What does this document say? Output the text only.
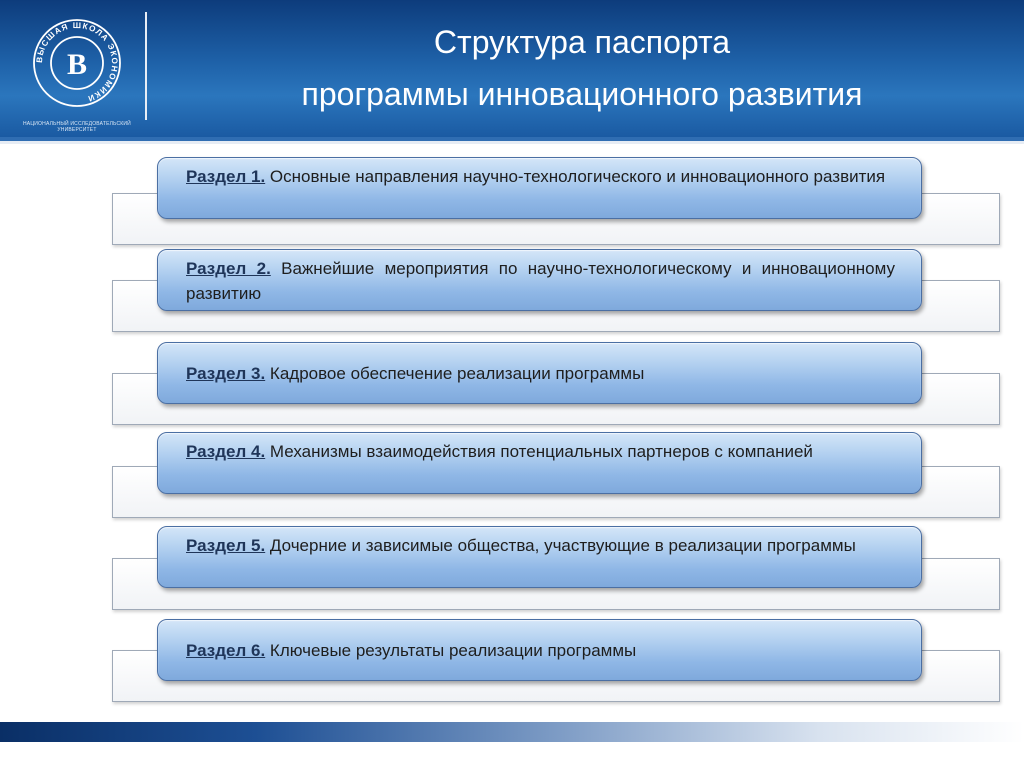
ВЫСШАЯ ШКОЛА ЭКОНОМИКИ
В
НАЦИОНАЛЬНЫЙ ИССЛЕДОВАТЕЛЬСКИЙ
УНИВЕРСИТЕТ
Структура паспорта
программы инновационного развития
Раздел 1. Основные направления научно-технологического и инновационного развития
Раздел 2. Важнейшие мероприятия по научно-технологическому и инновационному развитию
Раздел 3. Кадровое обеспечение реализации программы
Раздел 4. Механизмы взаимодействия потенциальных партнеров с компанией
Раздел 5. Дочерние и зависимые общества, участвующие в реализации программы
Раздел 6. Ключевые результаты реализации программы
